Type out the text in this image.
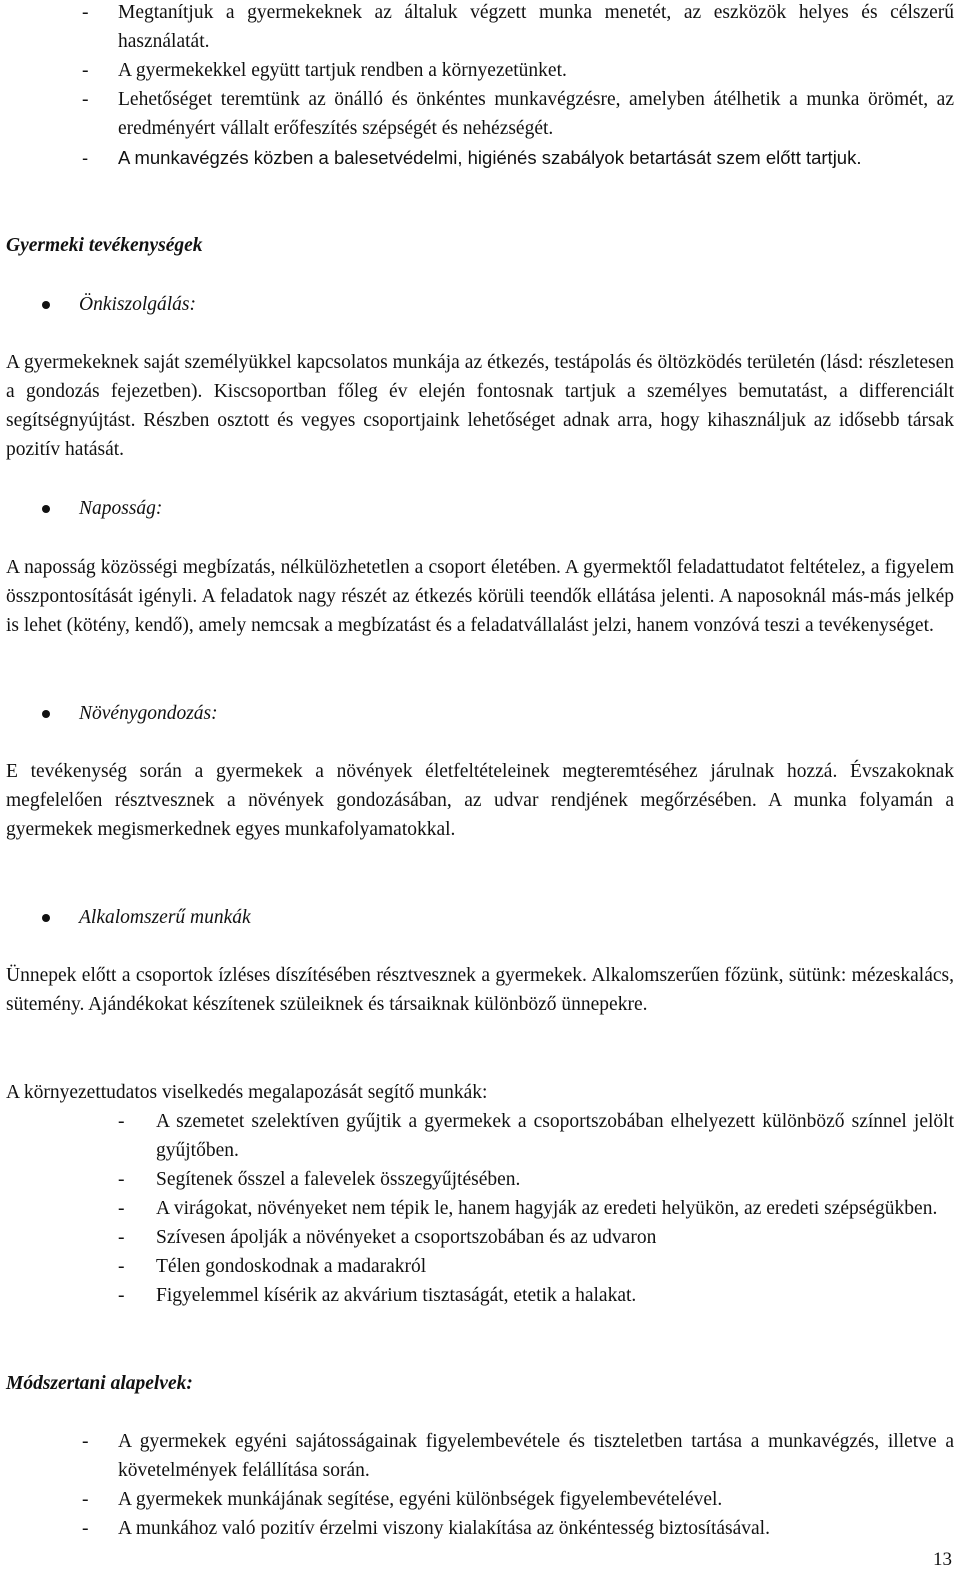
- Megtanítjuk a gyermekeknek az általuk végzett munka menetét, az eszközök helyes és célszerű használatát.
- A gyermekekkel együtt tartjuk rendben a környezetünket.
- Lehetőséget teremtünk az önálló és önkéntes munkavégzésre, amelyben átélhetik a munka örömét, az eredményért vállalt erőfeszítés szépségét és nehézségét.
- A munkavégzés közben a balesetvédelmi, higiénés szabályok betartását szem előtt tartjuk.
Gyermeki tevékenységek
Önkiszolgálás:
A gyermekeknek saját személyükkel kapcsolatos munkája az étkezés, testápolás és öltözködés területén (lásd: részletesen a gondozás fejezetben). Kiscsoportban főleg év elején fontosnak tartjuk a személyes bemutatást, a differenciált segítségnyújtást. Részben osztott és vegyes csoportjaink lehetőséget adnak arra, hogy kihasználjuk az idősebb társak pozitív hatását.
Naposság:
A naposság közösségi megbízatás, nélkülözhetetlen a csoport életében. A gyermektől feladattudatot feltételez, a figyelem összpontosítását igényli. A feladatok nagy részét az étkezés körüli teendők ellátása jelenti. A naposoknál más-más jelkép is lehet (kötény, kendő), amely nemcsak a megbízatást és a feladatvállalást jelzi, hanem vonzóvá teszi a tevékenységet.
Növénygondozás:
E tevékenység során a gyermekek a növények életfeltételeinek megteremtéséhez járulnak hozzá. Évszakoknak megfelelően résztvesznek a növények gondozásában, az udvar rendjének megőrzésében. A munka folyamán a gyermekek megismerkednek egyes munkafolyamatokkal.
Alkalomszerű munkák
Ünnepek előtt a csoportok ízléses díszítésében résztvesznek a gyermekek. Alkalomszerűen főzünk, sütünk: mézeskalács, sütemény. Ajándékokat készítenek szüleiknek és társaiknak különböző ünnepekre.
A környezettudatos viselkedés megalapozását segítő munkák:
- A szemetet szelektíven gyűjtik a gyermekek a csoportszobában elhelyezett különböző színnel jelölt gyűjtőben.
- Segítenek ősszel a falevelek összegyűjtésében.
- A virágokat, növényeket nem tépik le, hanem hagyják az eredeti helyükön, az eredeti szépségükben.
- Szívesen ápolják a növényeket a csoportszobában és az udvaron
- Télen gondoskodnak a madarakról
- Figyelemmel kísérik az akvárium tisztaságát, etetik a halakat.
Módszertani alapelvek:
- A gyermekek egyéni sajátosságainak figyelembevétele és tiszteletben tartása a munkavégzés, illetve a követelmények felállítása során.
- A gyermekek munkájának segítése, egyéni különbségek figyelembevételével.
- A munkához való pozitív érzelmi viszony kialakítása az önkéntesség biztosításával.
13
